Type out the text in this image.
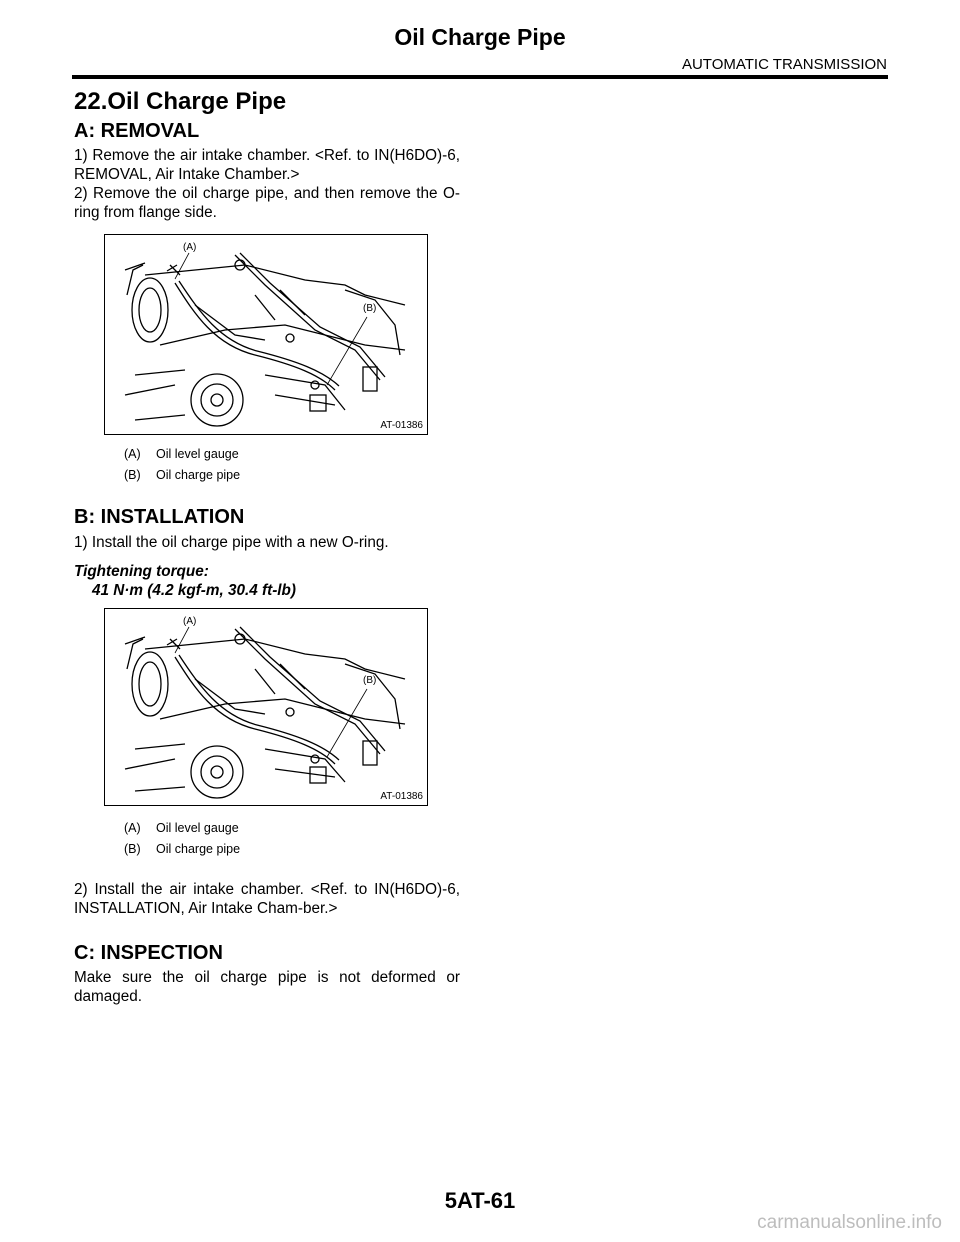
Oil Charge Pipe
AUTOMATIC TRANSMISSION

22.Oil Charge Pipe

A: REMOVAL

1) Remove the air intake chamber. <Ref. to IN(H6DO)-6, REMOVAL, Air Intake Chamber.>

2) Remove the oil charge pipe, and then remove the O-ring from flange side.

(A)
(B)
AT-01386
(A) Oil level gauge
(B) Oil charge pipe

B: INSTALLATION

1) Install the oil charge pipe with a new O-ring.

Tightening torque:
41 N·m (4.2 kgf-m, 30.4 ft-lb)
(A)
(B)
AT-01386
(A) Oil level gauge
(B) Oil charge pipe

2) Install the air intake chamber. <Ref. to IN(H6DO)-6, INSTALLATION, Air Intake Cham-ber.>

C: INSPECTION

Make sure the oil charge pipe is not deformed or damaged.

5AT-61
carmanualsonline.info
